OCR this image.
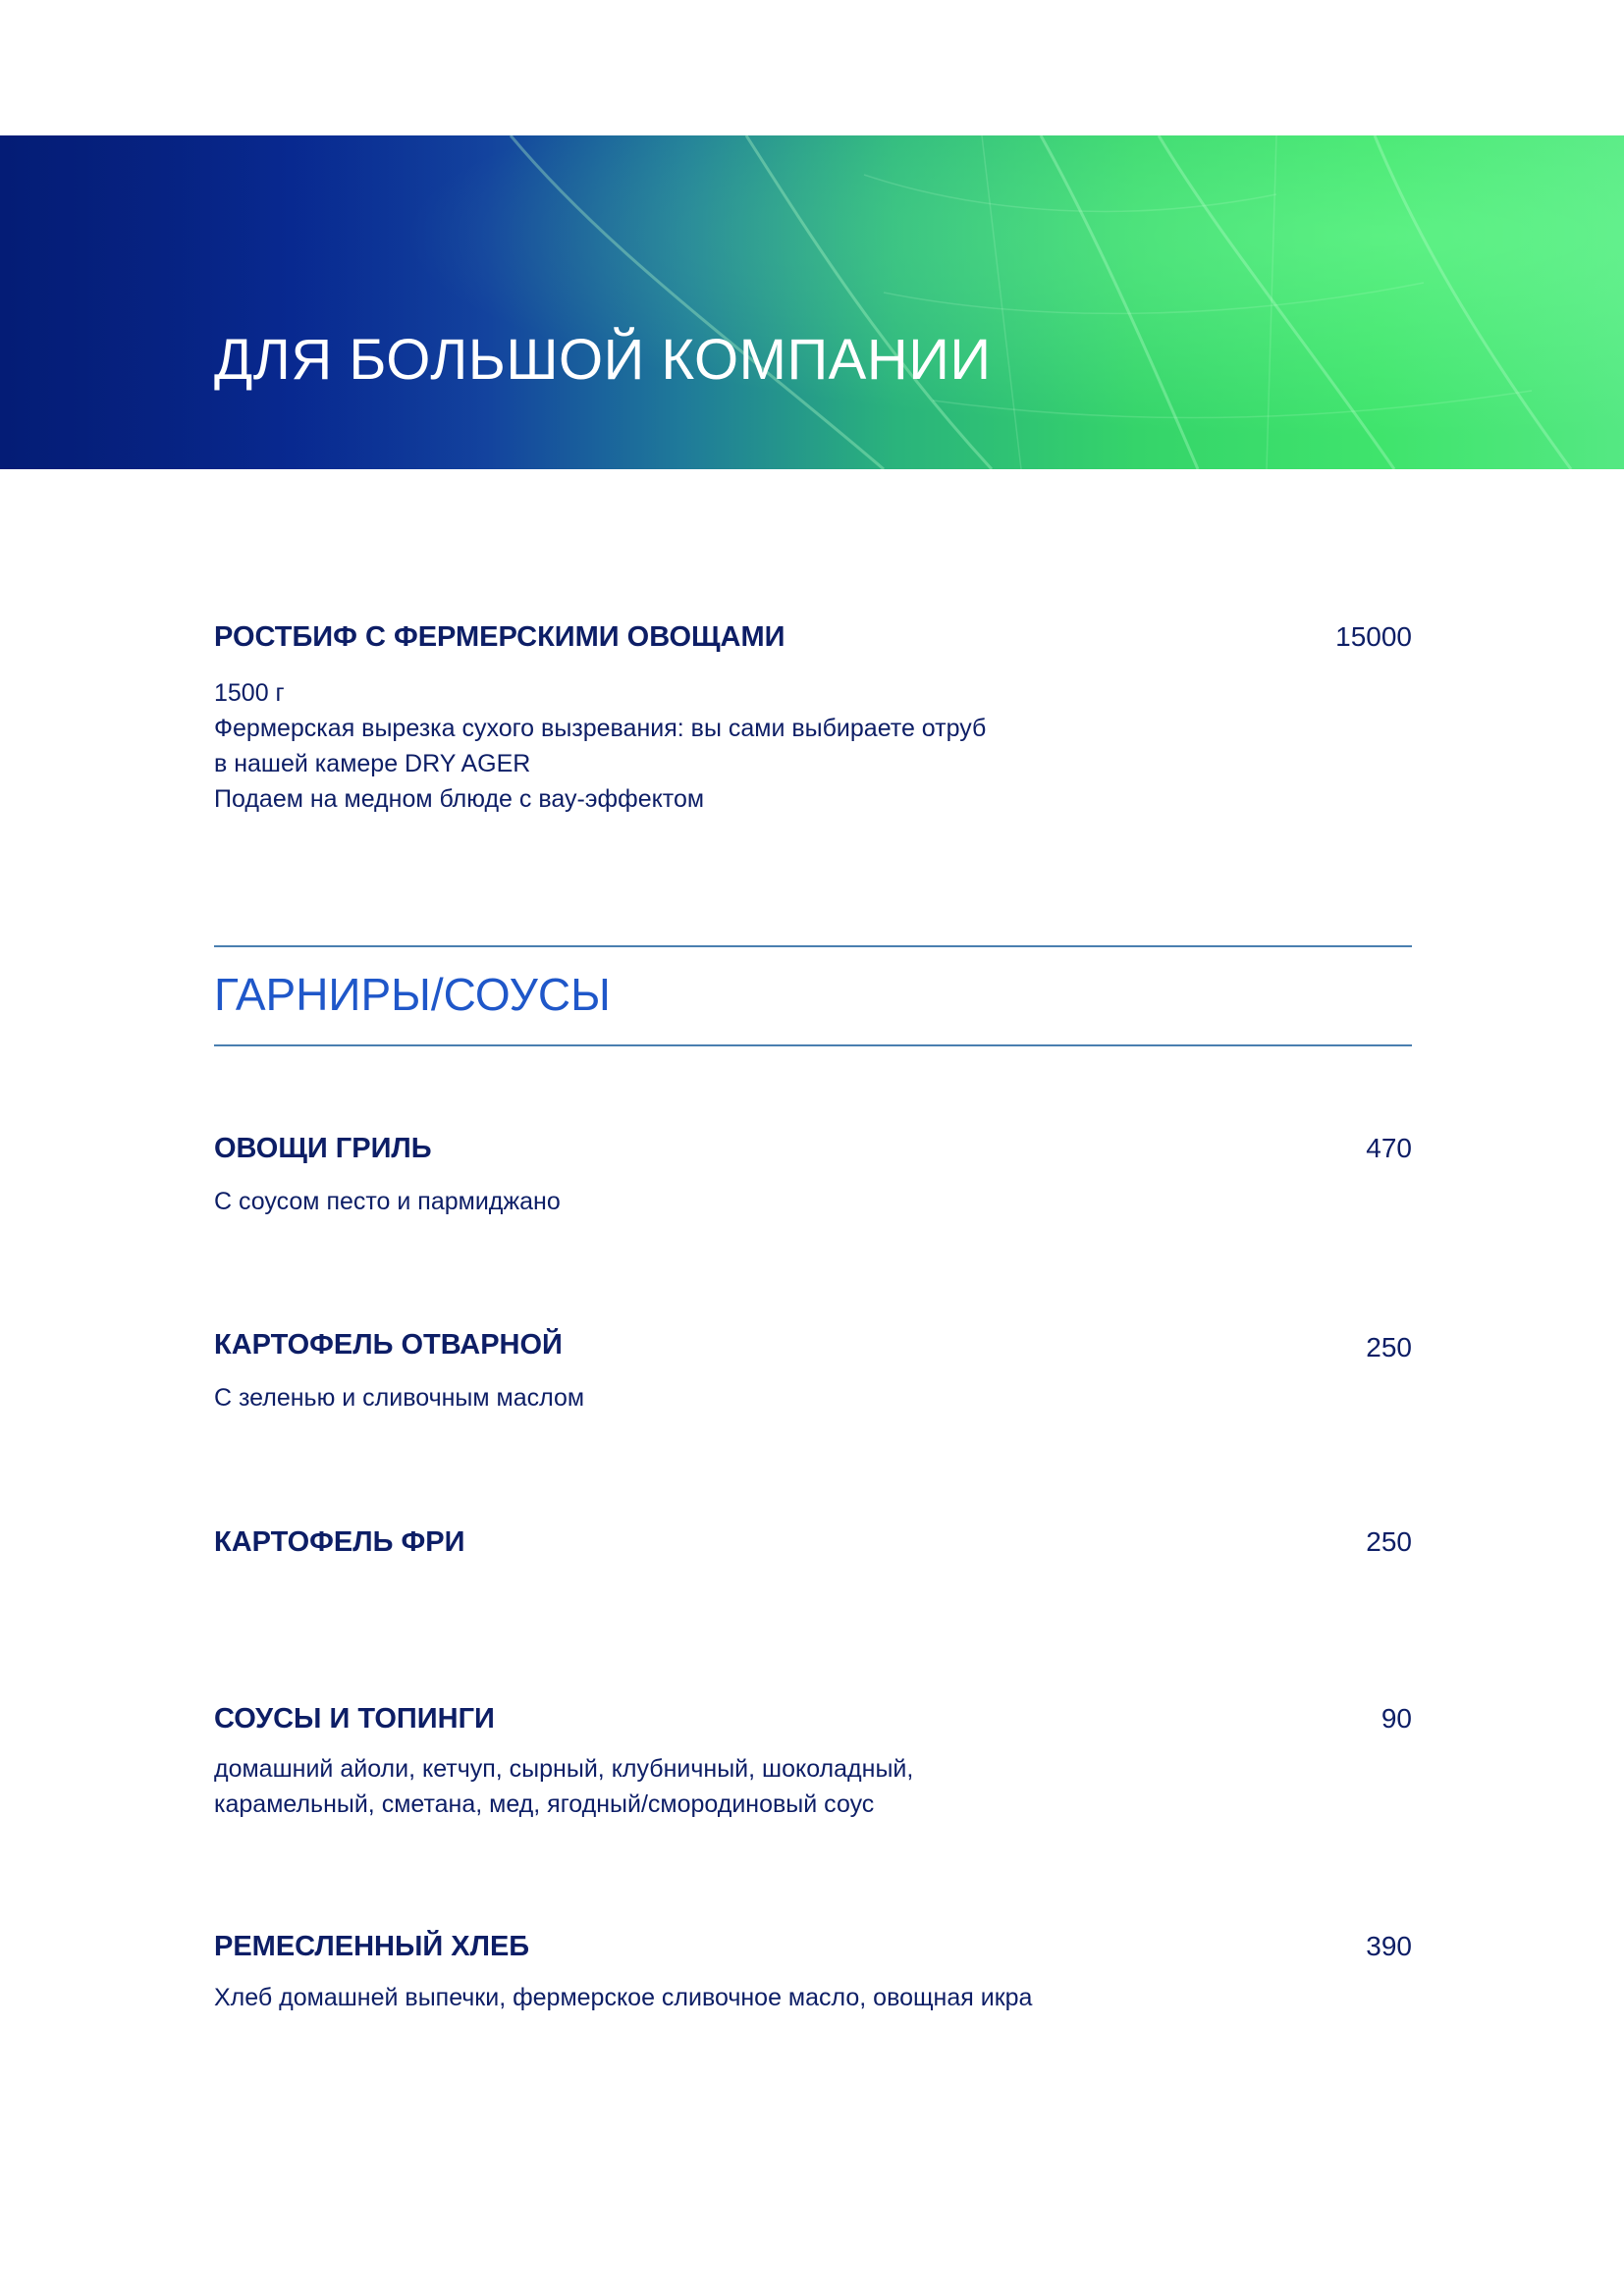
ДЛЯ БОЛЬШОЙ КОМПАНИИ

РОСТБИФ С ФЕРМЕРСКИМИ ОВОЩАМИ	15000

1500 г
Фермерская вырезка сухого вызревания: вы сами выбираете отруб
в нашей камере DRY AGER
Подаем на медном блюде с вау-эффектом
ГАРНИРЫ/СОУСЫ

ОВОЩИ ГРИЛЬ	470

С соусом песто и пармиджано

КАРТОФЕЛЬ ОТВАРНОЙ	250

С зеленью и сливочным маслом

КАРТОФЕЛЬ ФРИ	250

СОУСЫ И ТОПИНГИ	90

домашний айоли, кетчуп, сырный, клубничный, шоколадный,
карамельный, сметана, мед, ягодный/смородиновый соус

РЕМЕСЛЕННЫЙ ХЛЕБ	390

Хлеб домашней выпечки, фермерское сливочное масло, овощная икра
